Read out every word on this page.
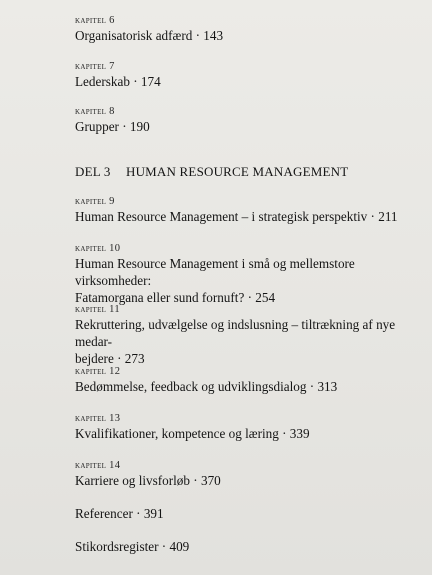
kapitel 6
Organisatorisk adfærd · 143
kapitel 7
Lederskab · 174
kapitel 8
Grupper · 190
DEL 3 HUMAN RESOURCE MANAGEMENT
kapitel 9
Human Resource Management – i strategisk perspektiv · 211
kapitel 10
Human Resource Management i små og mellemstore virksomheder:
Fatamorgana eller sund fornuft? · 254
kapitel 11
Rekruttering, udvælgelse og indslusning – tiltrækning af nye medar-
bejdere · 273
kapitel 12
Bedømmelse, feedback og udviklingsdialog · 313
kapitel 13
Kvalifikationer, kompetence og læring · 339
kapitel 14
Karriere og livsforløb · 370
Referencer · 391
Stikordsregister · 409
